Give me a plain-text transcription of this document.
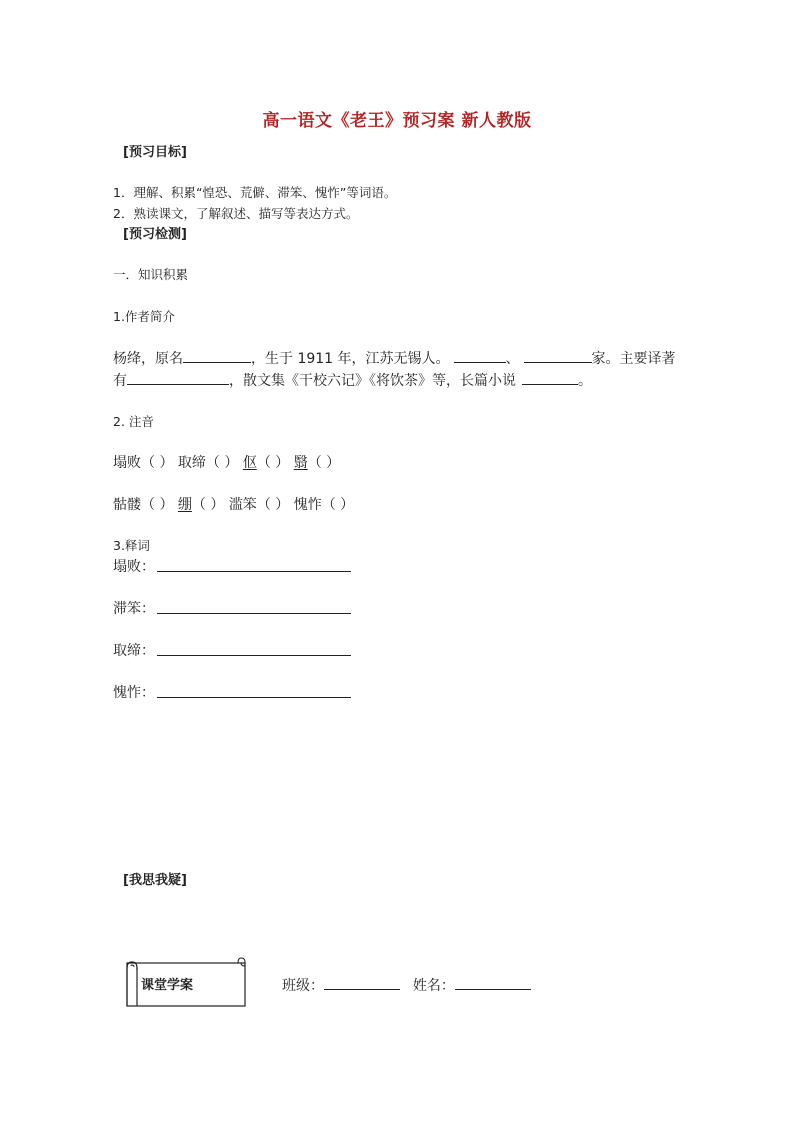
高一语文《老王》预习案 新人教版
[预习目标]
1．理解、积累“惶恐、荒僻、滞笨、愧怍”等词语。
2．熟读课文，了解叙述、描写等表达方式。
[预习检测]
一．知识积累
1.作者简介
杨绛，原名	，生于 1911 年，江苏无锡人。	、	家。主要译著
有	，散文集《干校六记》《将饮茶》等，长篇小说	。
2. 注音
塌败（ ） 取缔（ ） 伛（ ） 翳（ ）
骷髅（ ） 绷（ ） 滥笨（ ） 愧怍（ ）
3.释词
塌败：
滞笨：
取缔：
愧怍：
[我思我疑]
课堂学案	班级：	姓名：
